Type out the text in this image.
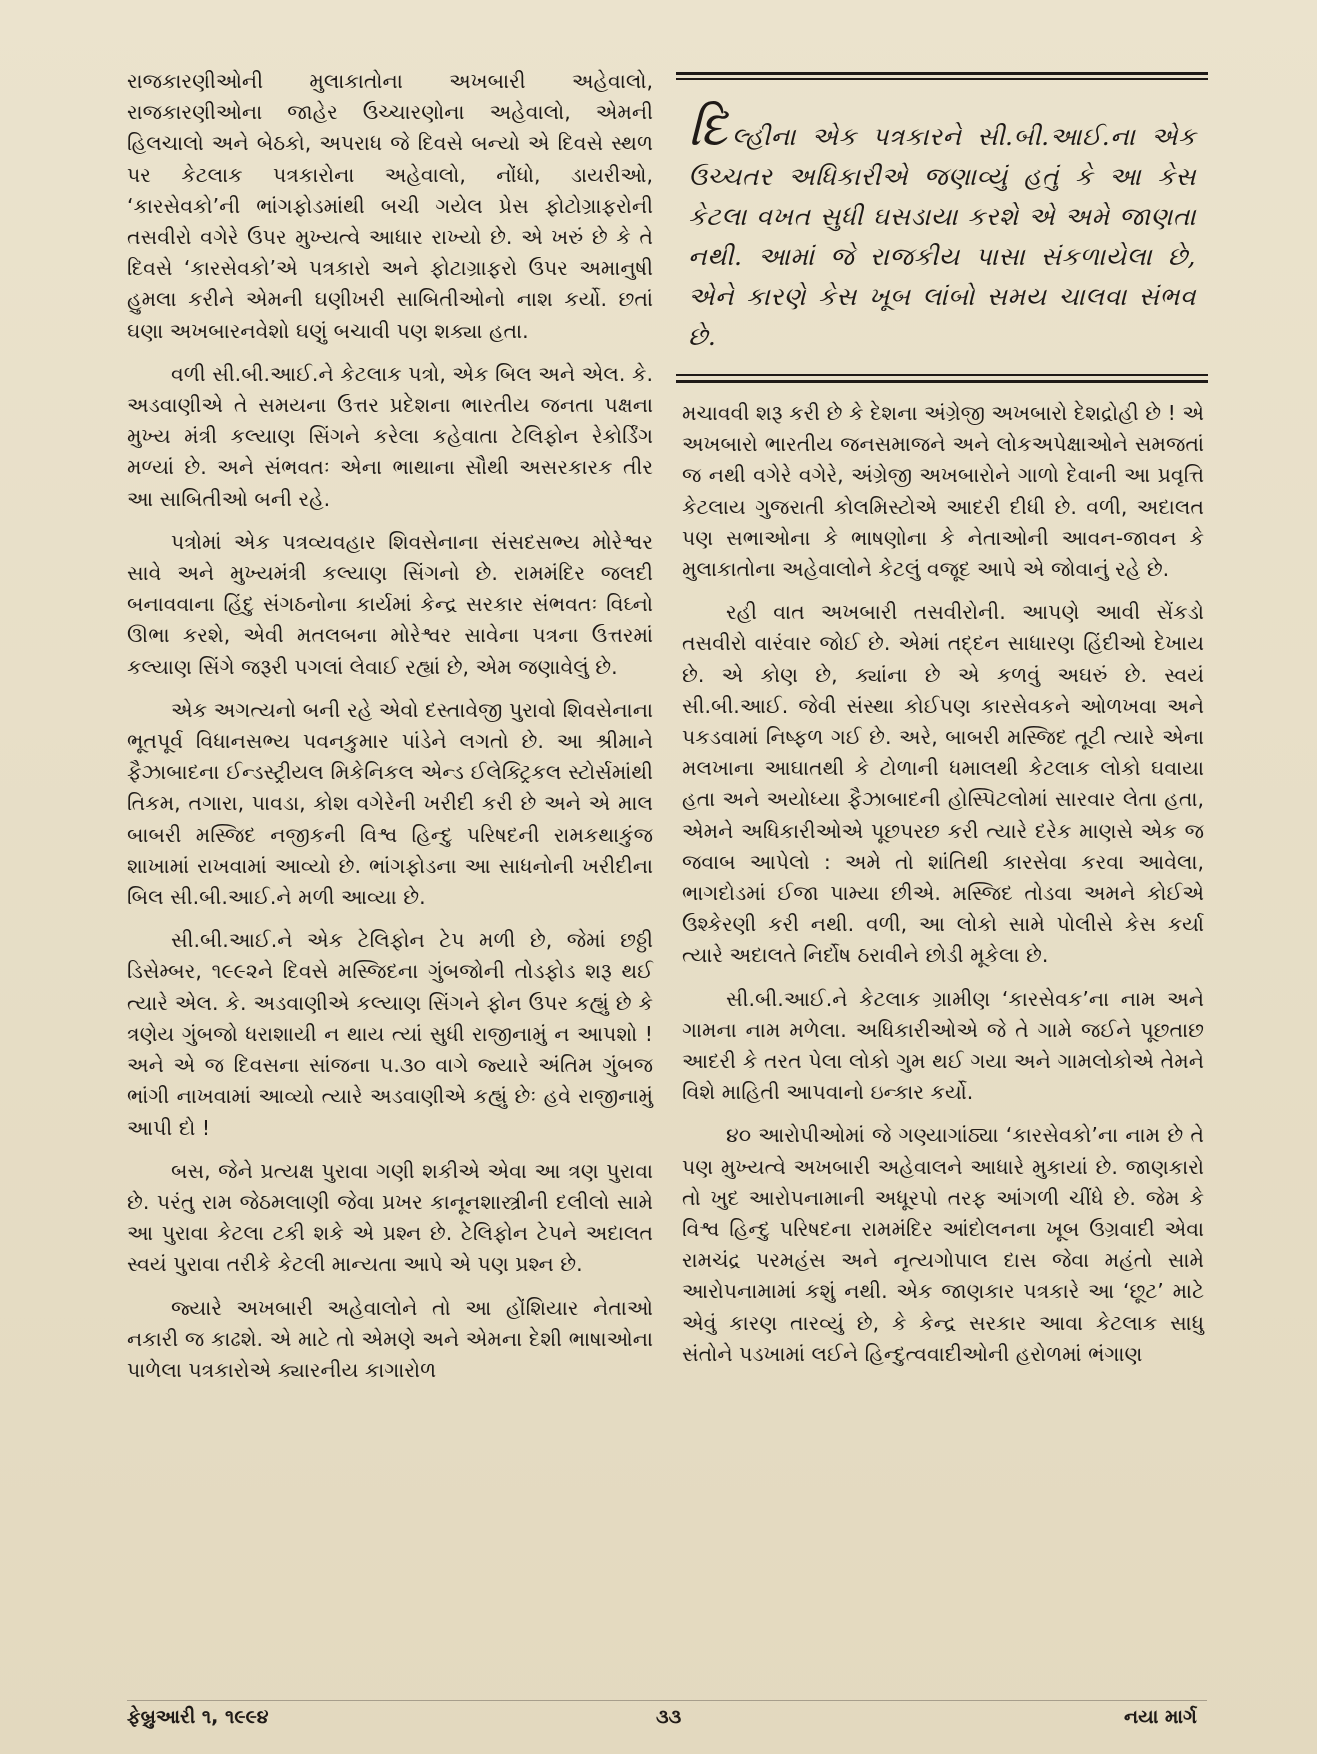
રાજકારણીઓની મુલાકાતોના અખબારી અહેવાલો, રાજકારણીઓના જાહેર ઉચ્ચારણોના અહેવાલો, એમની હિલચાલો અને બેઠકો, અપરાધ જે દિવસે બન્યો એ દિવસે સ્થળ પર કેટલાક પત્રકારોના અહેવાલો, નોંધો, ડાયરીઓ, ‘કારસેવકો’ની ભાંગફોડમાંથી બચી ગયેલ પ્રેસ ફોટોગ્રાફરોની તસવીરો વગેરે ઉપર મુખ્યત્વે આધાર રાખ્યો છે. એ ખરું છે કે તે દિવસે ‘કારસેવકો’એ પત્રકારો અને ફોટાગ્રાફરો ઉપર અમાનુષી હુમલા કરીને એમની ઘણીખરી સાબિતીઓનો નાશ કર્યો. છતાં ઘણા અખબારનવેશો ઘણું બચાવી પણ શક્યા હતા.

વળી સી.બી.આઈ.ને કેટલાક પત્રો, એક બિલ અને એલ. કે. અડવાણીએ તે સમયના ઉત્તર પ્રદેશના ભારતીય જનતા પક્ષના મુખ્ય મંત્રી કલ્યાણ સિંગને કરેલા કહેવાતા ટેલિફોન રેકોર્ડિંગ મળ્યાં છે. અને સંભવતઃ એના ભાથાના સૌથી અસરકારક તીર આ સાબિતીઓ બની રહે.

પત્રોમાં એક પત્રવ્યવહાર શિવસેનાના સંસદસભ્ય મોરેશ્વર સાવે અને મુખ્યમંત્રી કલ્યાણ સિંગનો છે. રામમંદિર જલદી બનાવવાના હિંદુ સંગઠનોના કાર્યમાં કેન્દ્ર સરકાર સંભવતઃ વિઘ્નો ઊભા કરશે, એવી મતલબના મોરેશ્વર સાવેના પત્રના ઉત્તરમાં કલ્યાણ સિંગે જરૂરી પગલાં લેવાઈ રહ્યાં છે, એમ જણાવેલું છે.

એક અગત્યનો બની રહે એવો દસ્તાવેજી પુરાવો શિવસેનાના ભૂતપૂર્વ વિધાનસભ્ય પવનકુમાર પાંડેને લગતો છે. આ શ્રીમાને ફૈઝાબાદના ઈન્ડસ્ટ્રીયલ મિકેનિકલ એન્ડ ઈલેક્ટ્રિકલ સ્ટોર્સમાંથી તિકમ, તગારા, પાવડા, કોશ વગેરેની ખરીદી કરી છે અને એ માલ બાબરી મસ્જિદ નજીકની વિશ્વ હિન્દુ પરિષદની રામકથાકુંજ શાખામાં રાખવામાં આવ્યો છે. ભાંગફોડના આ સાધનોની ખરીદીના બિલ સી.બી.આઈ.ને મળી આવ્યા છે.

સી.બી.આઈ.ને એક ટેલિફોન ટેપ મળી છે, જેમાં છઠ્ઠી ડિસેમ્બર, ૧૯૯૨ને દિવસે મસ્જિદના ગુંબજોની તોડફોડ શરૂ થઈ ત્યારે એલ. કે. અડવાણીએ કલ્યાણ સિંગને ફોન ઉપર કહ્યું છે કે ત્રણેય ગુંબજો ધરાશાયી ન થાય ત્યાં સુધી રાજીનામું ન આપશો ! અને એ જ દિવસના સાંજના ૫.૩૦ વાગે જ્યારે અંતિમ ગુંબજ ભાંગી નાખવામાં આવ્યો ત્યારે અડવાણીએ કહ્યું છેઃ હવે રાજીનામું આપી દો !

બસ, જેને પ્રત્યક્ષ પુરાવા ગણી શકીએ એવા આ ત્રણ પુરાવા છે. પરંતુ રામ જેઠમલાણી જેવા પ્રખર કાનૂનશાસ્ત્રીની દલીલો સામે આ પુરાવા કેટલા ટકી શકે એ પ્રશ્ન છે. ટેલિફોન ટેપને અદાલત સ્વયં પુરાવા તરીકે કેટલી માન્યતા આપે એ પણ પ્રશ્ન છે.

જ્યારે અખબારી અહેવાલોને તો આ હોંશિયાર નેતાઓ નકારી જ કાઢશે. એ માટે તો એમણે અને એમના દેશી ભાષાઓના પાળેલા પત્રકારોએ ક્યારનીય કાગારોળ

દિલ્હીના એક પત્રકારને સી.બી.આઈ.ના એક ઉચ્ચતર અધિકારીએ જણાવ્યું હતું કે આ કેસ કેટલા વખત સુધી ઘસડાયા કરશે એ અમે જાણતા નથી. આમાં જે રાજકીય પાસા સંકળાયેલા છે, એને કારણે કેસ ખૂબ લાંબો સમય ચાલવા સંભવ છે.

મચાવવી શરૂ કરી છે કે દેશના અંગ્રેજી અખબારો દેશદ્રોહી છે ! એ અખબારો ભારતીય જનસમાજને અને લોકઅપેક્ષાઓને સમજતાં જ નથી વગેરે વગેરે, અંગ્રેજી અખબારોને ગાળો દેવાની આ પ્રવૃત્તિ કેટલાય ગુજરાતી કોલમિસ્ટોએ આદરી દીધી છે. વળી, અદાલત પણ સભાઓના કે ભાષણોના કે નેતાઓની આવન-જાવન કે મુલાકાતોના અહેવાલોને કેટલું વજૂદ આપે એ જોવાનું રહે છે.

રહી વાત અખબારી તસવીરોની. આપણે આવી સેંકડો તસવીરો વારંવાર જોઈ છે. એમાં તદ્દન સાધારણ હિંદીઓ દેખાય છે. એ કોણ છે, ક્યાંના છે એ કળવું અઘરું છે. સ્વયં સી.બી.આઈ. જેવી સંસ્થા કોઈપણ કારસેવકને ઓળખવા અને પકડવામાં નિષ્ફળ ગઈ છે. અરે, બાબરી મસ્જિદ તૂટી ત્યારે એના મલખાના આઘાતથી કે ટોળાની ધમાલથી કેટલાક લોકો ઘવાયા હતા અને અયોધ્યા ફૈઝાબાદની હોસ્પિટલોમાં સારવાર લેતા હતા, એમને અધિકારીઓએ પૂછપરછ કરી ત્યારે દરેક માણસે એક જ જવાબ આપેલો : અમે તો શાંતિથી કારસેવા કરવા આવેલા, ભાગદોડમાં ઈજા પામ્યા છીએ. મસ્જિદ તોડવા અમને કોઈએ ઉશ્કેરણી કરી નથી. વળી, આ લોકો સામે પોલીસે કેસ કર્યા ત્યારે અદાલતે નિર્દોષ ઠરાવીને છોડી મૂકેલા છે.

સી.બી.આઈ.ને કેટલાક ગ્રામીણ ‘કારસેવક’ના નામ અને ગામના નામ મળેલા. અધિકારીઓએ જે તે ગામે જઈને પૂછતાછ આદરી કે તરત પેલા લોકો ગુમ થઈ ગયા અને ગામલોકોએ તેમને વિશે માહિતી આપવાનો ઇન્કાર કર્યો.

૪૦ આરોપીઓમાં જે ગણ્યાગાંઠ્યા ‘કારસેવકો’ના નામ છે તે પણ મુખ્યત્વે અખબારી અહેવાલને આધારે મુકાયાં છે. જાણકારો તો ખુદ આરોપનામાની અધૂરપો તરફ આંગળી ચીંધે છે. જેમ કે વિશ્વ હિન્દુ પરિષદના રામમંદિર આંદોલનના ખૂબ ઉગ્રવાદી એવા રામચંદ્ર પરમહંસ અને નૃત્યગોપાલ દાસ જેવા મહંતો સામે આરોપનામામાં કશું નથી. એક જાણકાર પત્રકારે આ ‘છૂટ’ માટે એવું કારણ તારવ્યું છે, કે કેન્દ્ર સરકાર આવા કેટલાક સાધુ સંતોને પડખામાં લઈને હિન્દુત્વવાદીઓની હરોળમાં ભંગાણ

ફેબ્રુઆરી ૧, ૧૯૯૪	૩૩	નયા માર્ગ
